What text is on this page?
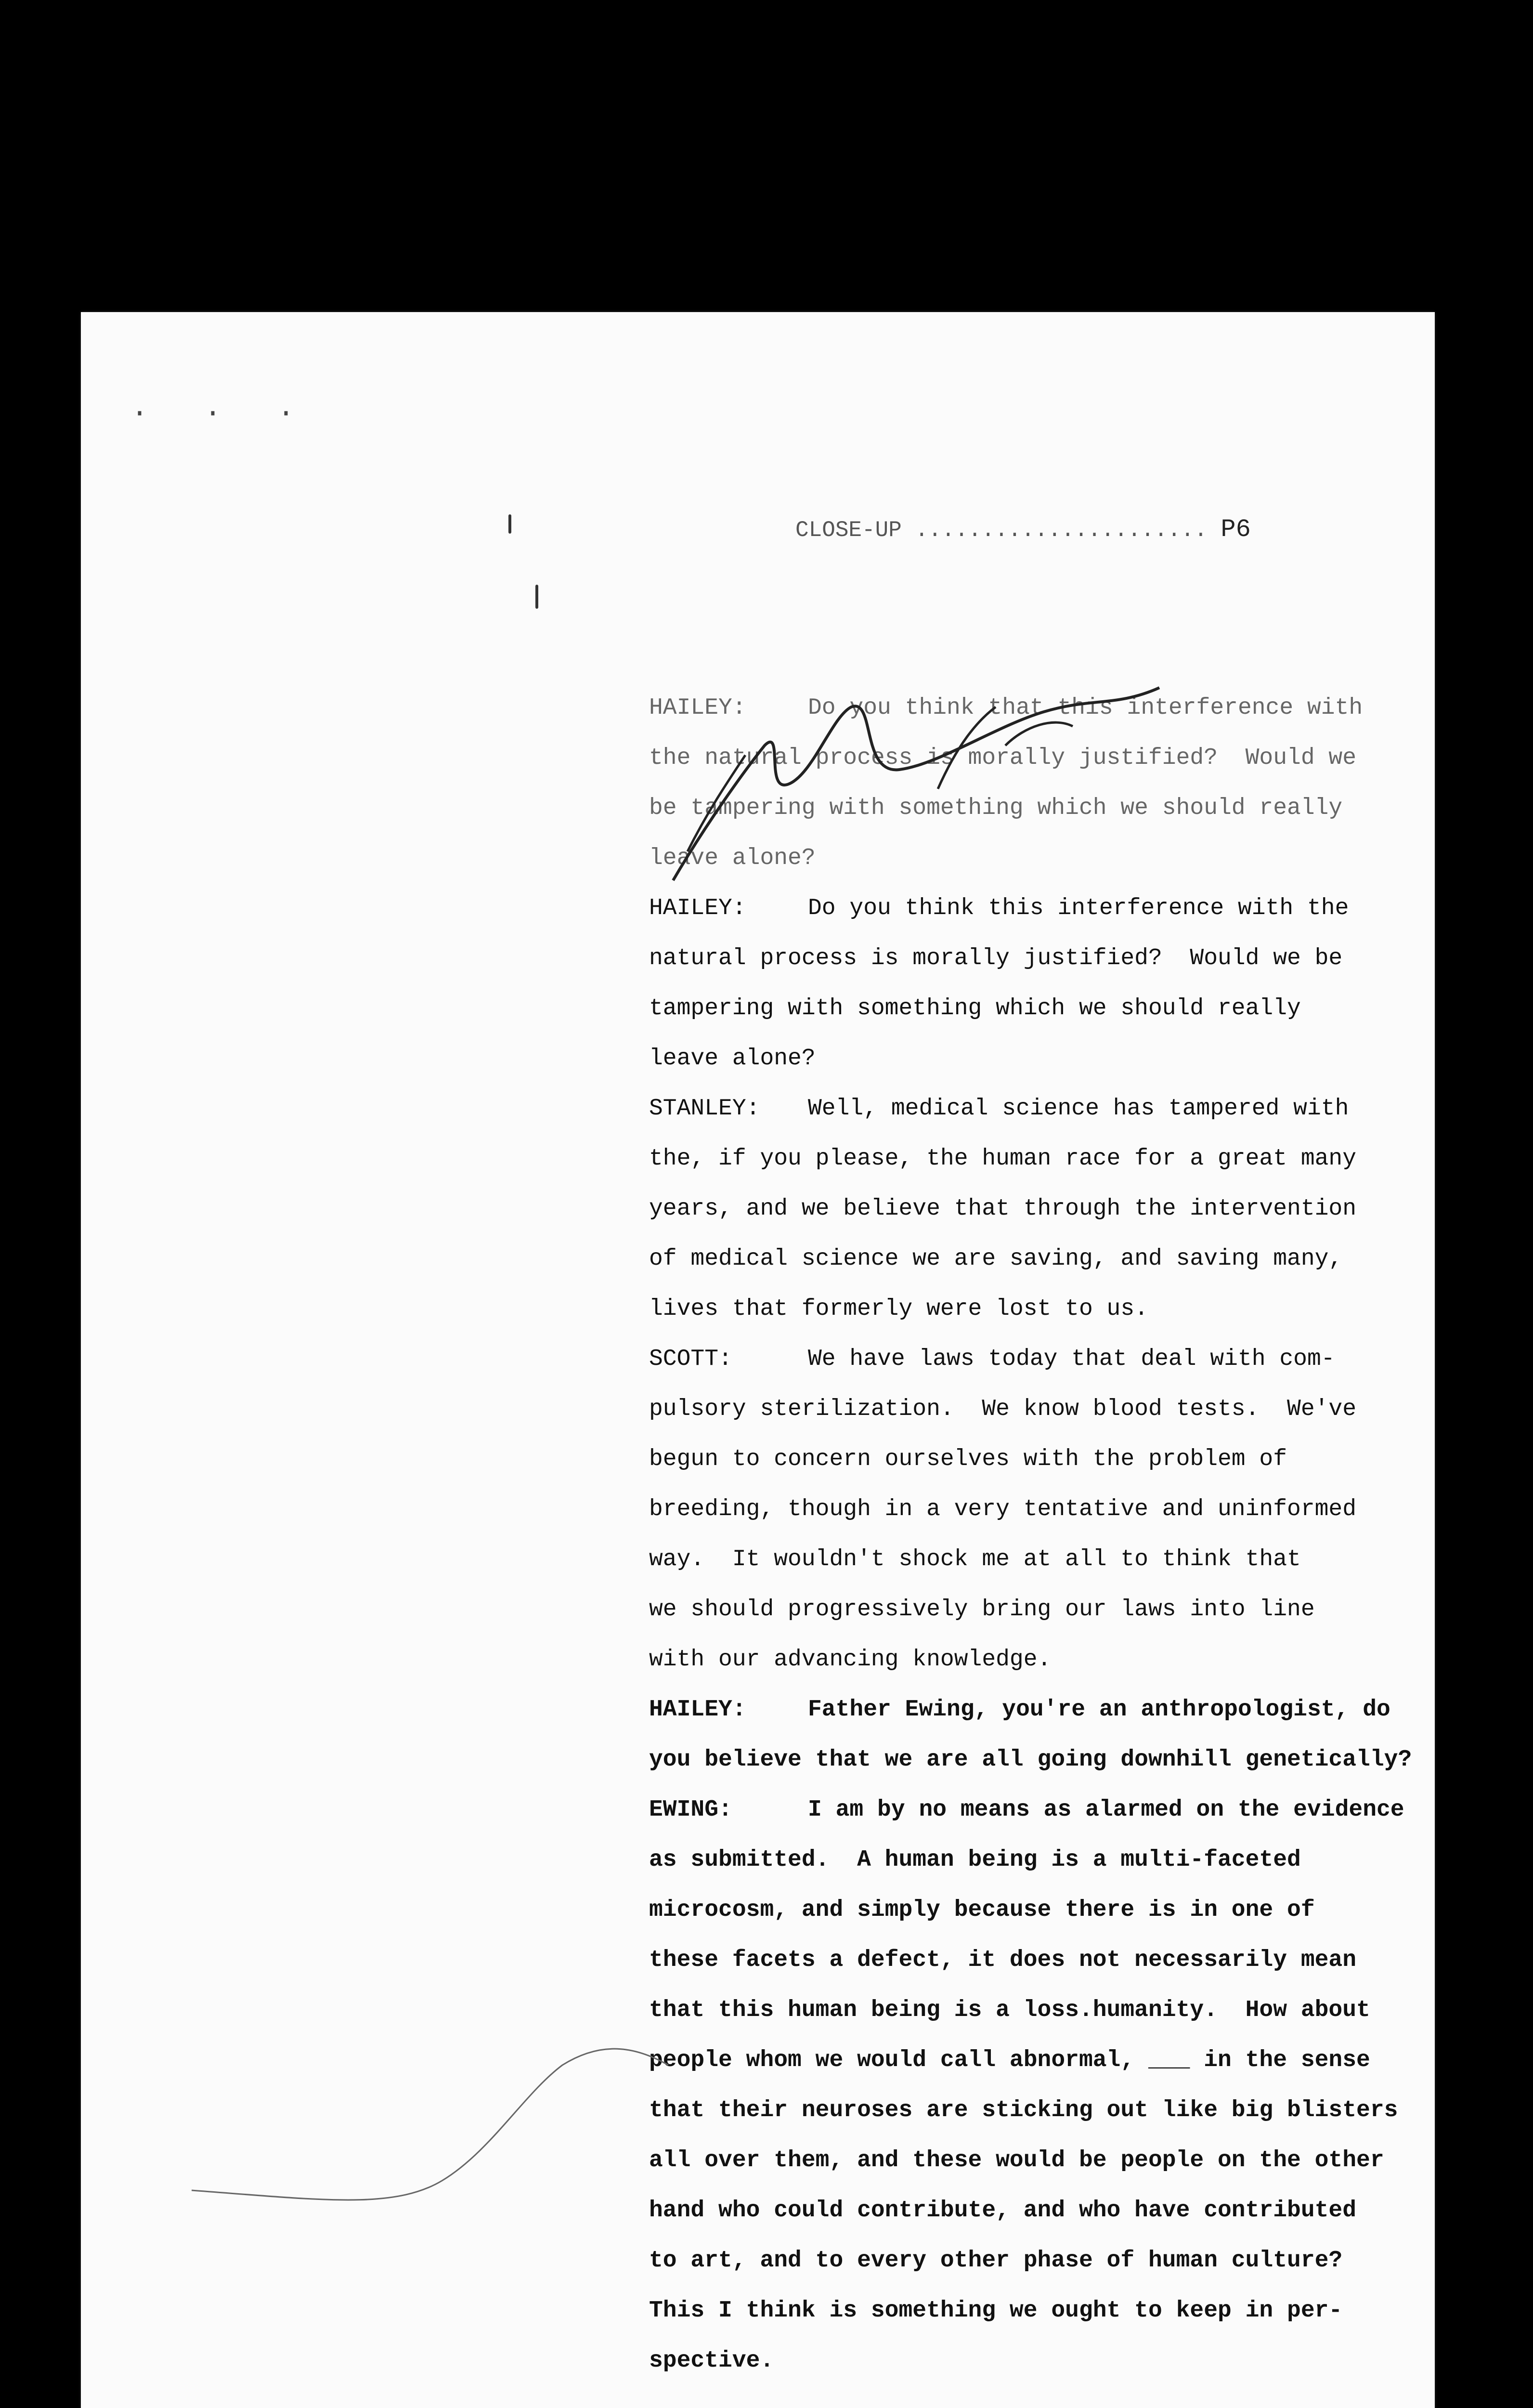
· · ·
CLOSE-UP ...................... P6
HAILEY:	Do you think that this interference with
the natural process is morally justified?  Would we
be tampering with something which we should really
leave alone?
HAILEY:	Do you think this interference with the
natural process is morally justified?  Would we be
tampering with something which we should really
leave alone?
STANLEY: Well, medical science has tampered with
the, if you please, the human race for a great many
years, and we believe that through the intervention
of medical science we are saving, and saving many,
lives that formerly were lost to us.
SCOTT:	We have laws today that deal with com-
pulsory sterilization.  We know blood tests.  We've
begun to concern ourselves with the problem of
breeding, though in a very tentative and uninformed
way.  It wouldn't shock me at all to think that
we should progressively bring our laws into line
with our advancing knowledge.
HAILEY:	Father Ewing, you're an anthropologist, do
you believe that we are all going downhill genetically?
EWING:	I am by no means as alarmed on the evidence
as submitted.  A human being is a multi-faceted
microcosm, and simply because there is in one of
these facets a defect, it does not necessarily mean
that this human being is a loss.humanity.  How about
people whom we would call abnormal, ___ in the sense
that their neuroses are sticking out like big blisters
all over them, and these would be people on the other
hand who could contribute, and who have contributed
to art, and to every other phase of human culture?
This I think is something we ought to keep in per-
spective.
